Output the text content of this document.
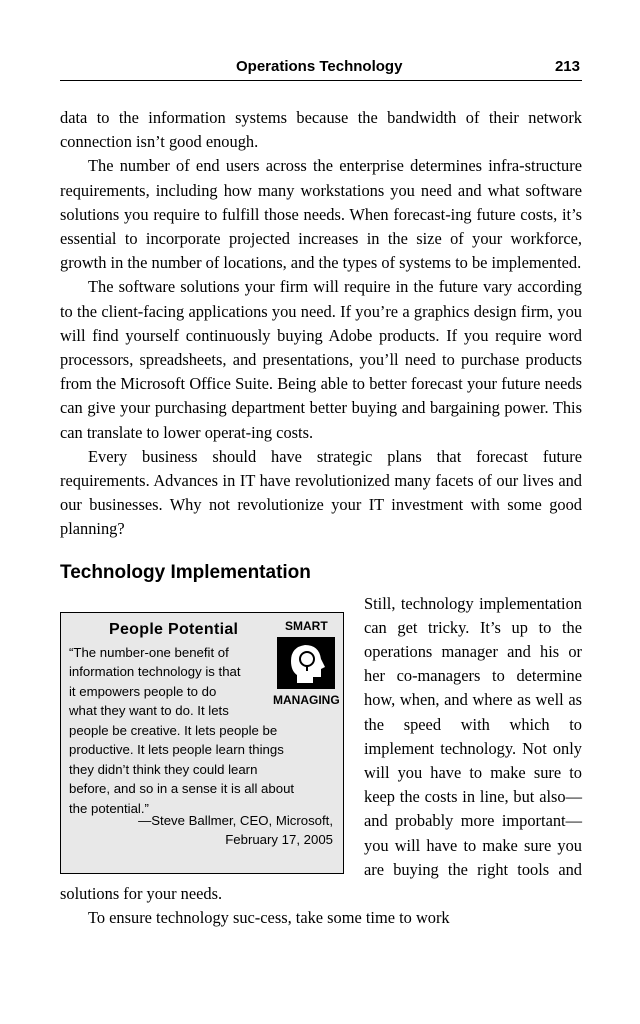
Operations Technology	213

data to the information systems because the bandwidth of their network connection isn’t good enough.

The number of end users across the enterprise determines infra-structure requirements, including how many workstations you need and what software solutions you require to fulfill those needs. When forecast-ing future costs, it’s essential to incorporate projected increases in the size of your workforce, growth in the number of locations, and the types of systems to be implemented.

The software solutions your firm will require in the future vary according to the client-facing applications you need. If you’re a graphics design firm, you will find yourself continuously buying Adobe products. If you require word processors, spreadsheets, and presentations, you’ll need to purchase products from the Microsoft Office Suite. Being able to better forecast your future needs can give your purchasing department better buying and bargaining power. This can translate to lower operat-ing costs.

Every business should have strategic plans that forecast future requirements. Advances in IT have revolutionized many facets of our lives and our businesses. Why not revolutionize your IT investment with some good planning?

Technology Implementation

People Potential	SMART
MANAGING
“The number-one benefit of
information technology is that
it empowers people to do
what they want to do. It lets
people be creative. It lets people be
productive. It lets people learn things
they didn’t think they could learn
before, and so in a sense it is all about
the potential.”
—Steve Ballmer, CEO, Microsoft,
February 17, 2005
Still, technology implementation can get tricky. It’s up to the operations manager and his or her co-managers to determine how, when, and where as well as the speed with which to implement technology. Not only will you have to make sure to keep the costs in line, but also—and probably more important—you will have to make sure you are buying the right tools and solutions for your needs.

To ensure technology suc-cess, take some time to work
